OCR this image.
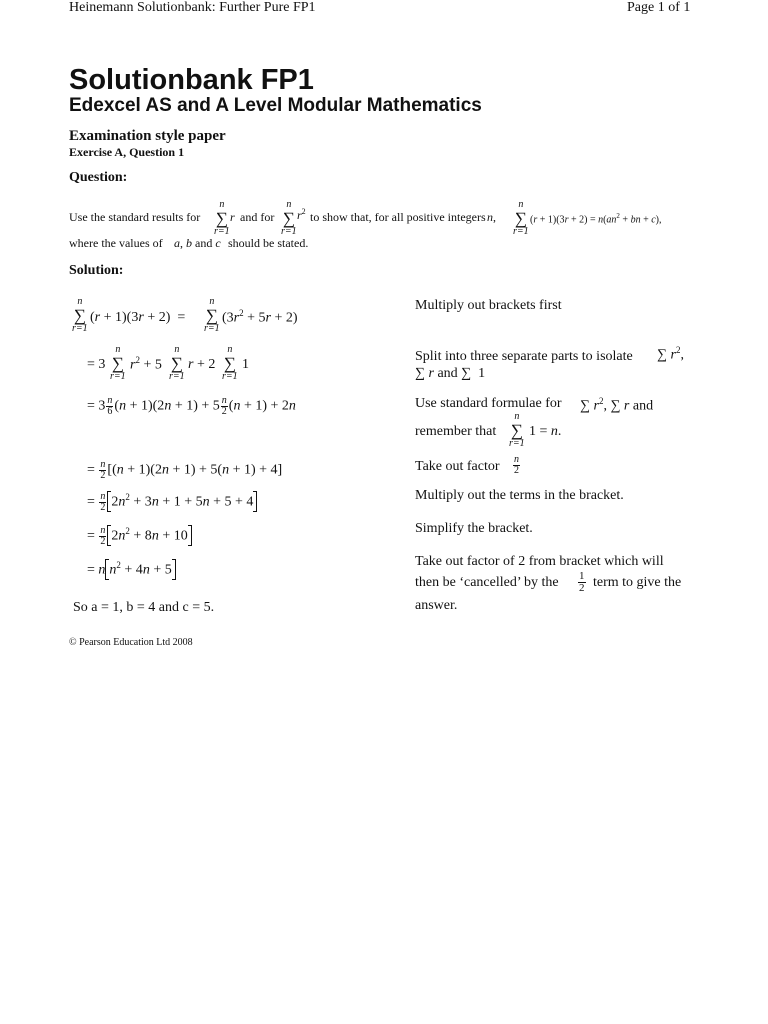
Heinemann Solutionbank: Further Pure FP1	Page 1 of 1
Solutionbank FP1
Edexcel AS and A Level Modular Mathematics
Examination style paper
Exercise A, Question 1
Question:
Use the standard results for
n
∑
r=1
r and for
n
∑
r=1
$r^2$ to show that, for all positive integers n,
n
∑
r=1
$(r + 1)(3r + 2) = n(an^2$ + bn + c),
where the values of a, b and c should be stated.
Solution:
n
∑
r=1
(r + 1)(3r + 2)  =
n
∑
r=1
$(3r^2 + 5r + 2)$
= 3
n
∑
r=1
$r^2 + 5$
n
∑
r=1
r + 2
n
∑
r=1
1
= $3 \frac{n}{6} (n + 1)(2n + 1) + 5 \frac{n}{2} (n + 1) + 2n$
= $\frac{n}{2} [(n + 1)(2n + 1) + 5(n + 1) + 4]$
= $\frac{n}{2} 2n^2 + 3n + 1 + 5n + 5 + 4$
= $\frac{n}{2} 2n^2 + 8n + 10$
= n $n^2 + 4n + 5$
So a = 1, b = 4 and c = 5.
Multiply out brackets first
Split into three separate parts to isolate ∑ $r^2$,
∑ r and ∑  1
Use standard formulae for ∑ $r^2$, ∑ r and
remember that
n
∑
r=1
1 = n.
Take out factor $\frac{n}{2}$
Multiply out the terms in the bracket.
Simplify the bracket.
Take out factor of 2 from bracket which will
then be ‘cancelled’ by the $\frac{1}{2}$ term to give the
answer.
© Pearson Education Ltd 2008
